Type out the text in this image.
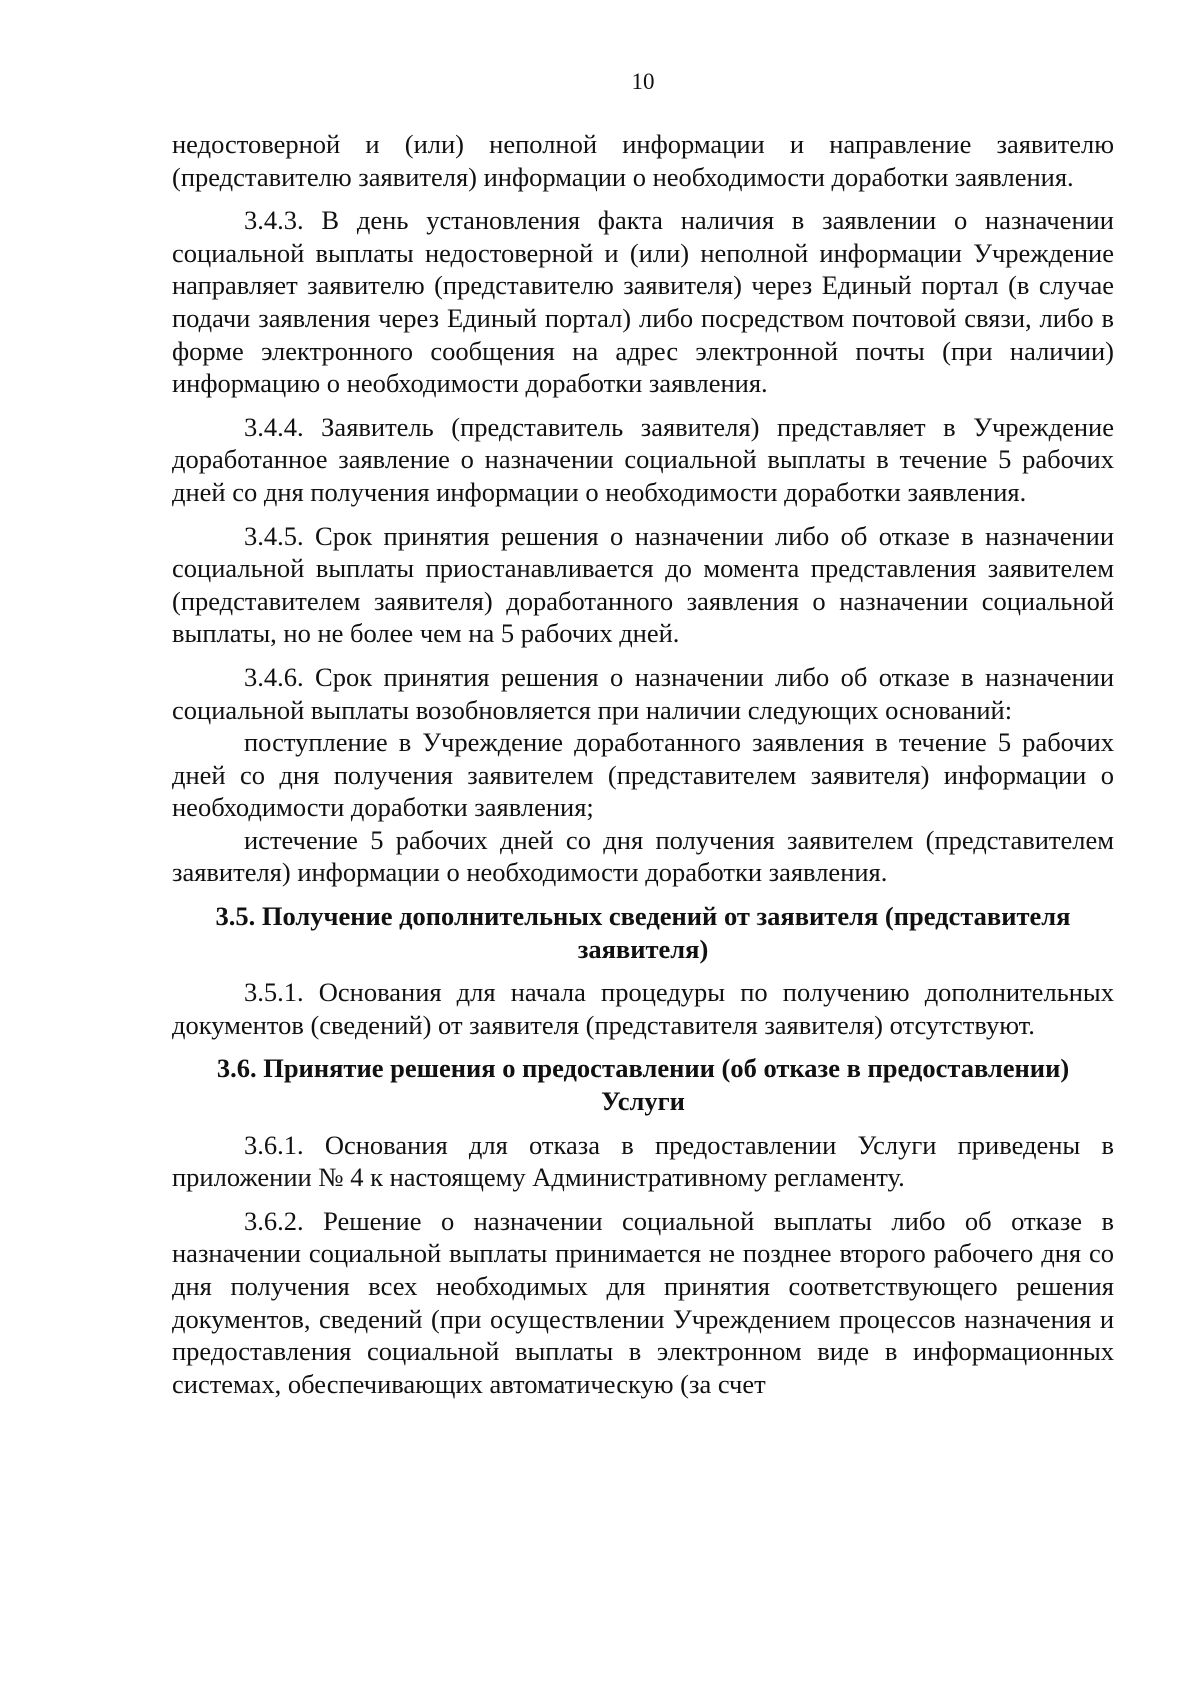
10

недостоверной и (или) неполной информации и направление заявителю (представителю заявителя) информации о необходимости доработки заявления.

3.4.3. В день установления факта наличия в заявлении о назначении социальной выплаты недостоверной и (или) неполной информации Учреждение направляет заявителю (представителю заявителя) через Единый портал (в случае подачи заявления через Единый портал) либо посредством почтовой связи, либо в форме электронного сообщения на адрес электронной почты (при наличии) информацию о необходимости доработки заявления.

3.4.4. Заявитель (представитель заявителя) представляет в Учреждение доработанное заявление о назначении социальной выплаты в течение 5 рабочих дней со дня получения информации о необходимости доработки заявления.

3.4.5. Срок принятия решения о назначении либо об отказе в назначении социальной выплаты приостанавливается до момента представления заявителем (представителем заявителя) доработанного заявления о назначении социальной выплаты, но не более чем на 5 рабочих дней.

3.4.6. Срок принятия решения о назначении либо об отказе в назначении социальной выплаты возобновляется при наличии следующих оснований:

поступление в Учреждение доработанного заявления в течение 5 рабочих дней со дня получения заявителем (представителем заявителя) информации о необходимости доработки заявления;

истечение 5 рабочих дней со дня получения заявителем (представителем заявителя) информации о необходимости доработки заявления.

3.5. Получение дополнительных сведений от заявителя (представителя заявителя)

3.5.1. Основания для начала процедуры по получению дополнительных документов (сведений) от заявителя (представителя заявителя) отсутствуют.

3.6. Принятие решения о предоставлении (об отказе в предоставлении) Услуги

3.6.1. Основания для отказа в предоставлении Услуги приведены в приложении № 4 к настоящему Административному регламенту.

3.6.2. Решение о назначении социальной выплаты либо об отказе в назначении социальной выплаты принимается не позднее второго рабочего дня со дня получения всех необходимых для принятия соответствующего решения документов, сведений (при осуществлении Учреждением процессов назначения и предоставления социальной выплаты в электронном виде в информационных системах, обеспечивающих автоматическую (за счет
